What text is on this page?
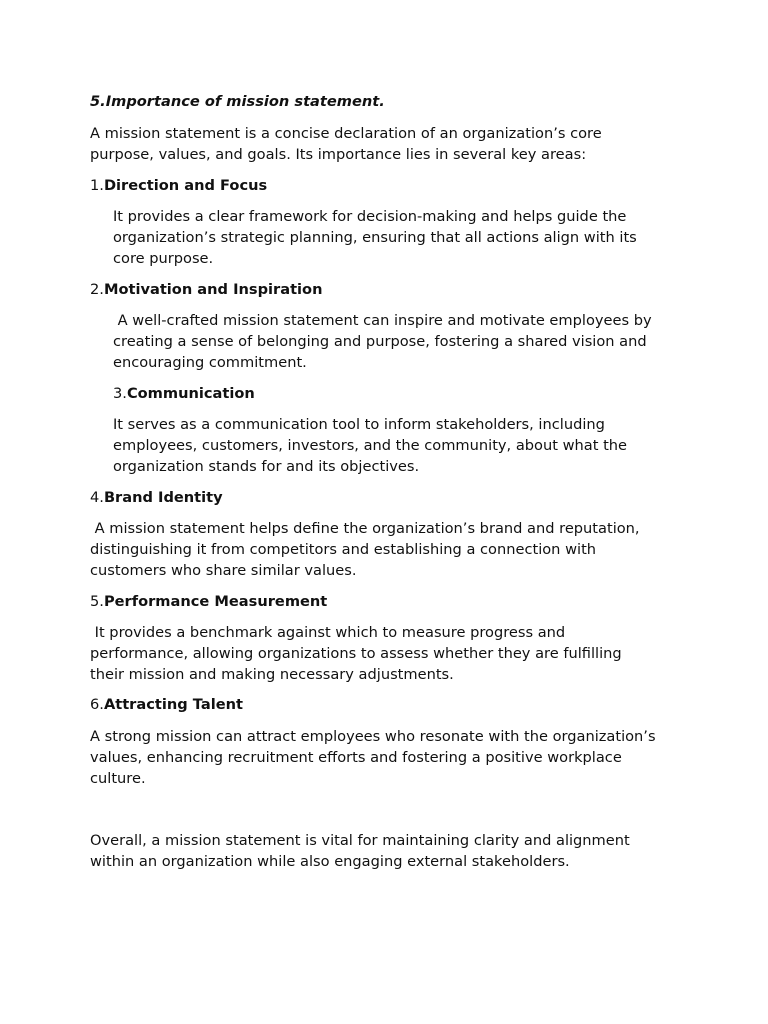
5.Importance of mission statement.
A mission statement is a concise declaration of an organization’s core
purpose, values, and goals. Its importance lies in several key areas:
1.Direction and Focus
It provides a clear framework for decision-making and helps guide the
organization’s strategic planning, ensuring that all actions align with its
core purpose.
2.Motivation and Inspiration
A well-crafted mission statement can inspire and motivate employees by
creating a sense of belonging and purpose, fostering a shared vision and
encouraging commitment.
3.Communication
It serves as a communication tool to inform stakeholders, including
employees, customers, investors, and the community, about what the
organization stands for and its objectives.
4.Brand Identity
A mission statement helps define the organization’s brand and reputation,
distinguishing it from competitors and establishing a connection with
customers who share similar values.
5.Performance Measurement
It provides a benchmark against which to measure progress and
performance, allowing organizations to assess whether they are fulfilling
their mission and making necessary adjustments.
6.Attracting Talent
A strong mission can attract employees who resonate with the organization’s
values, enhancing recruitment efforts and fostering a positive workplace
culture.
Overall, a mission statement is vital for maintaining clarity and alignment
within an organization while also engaging external stakeholders.
